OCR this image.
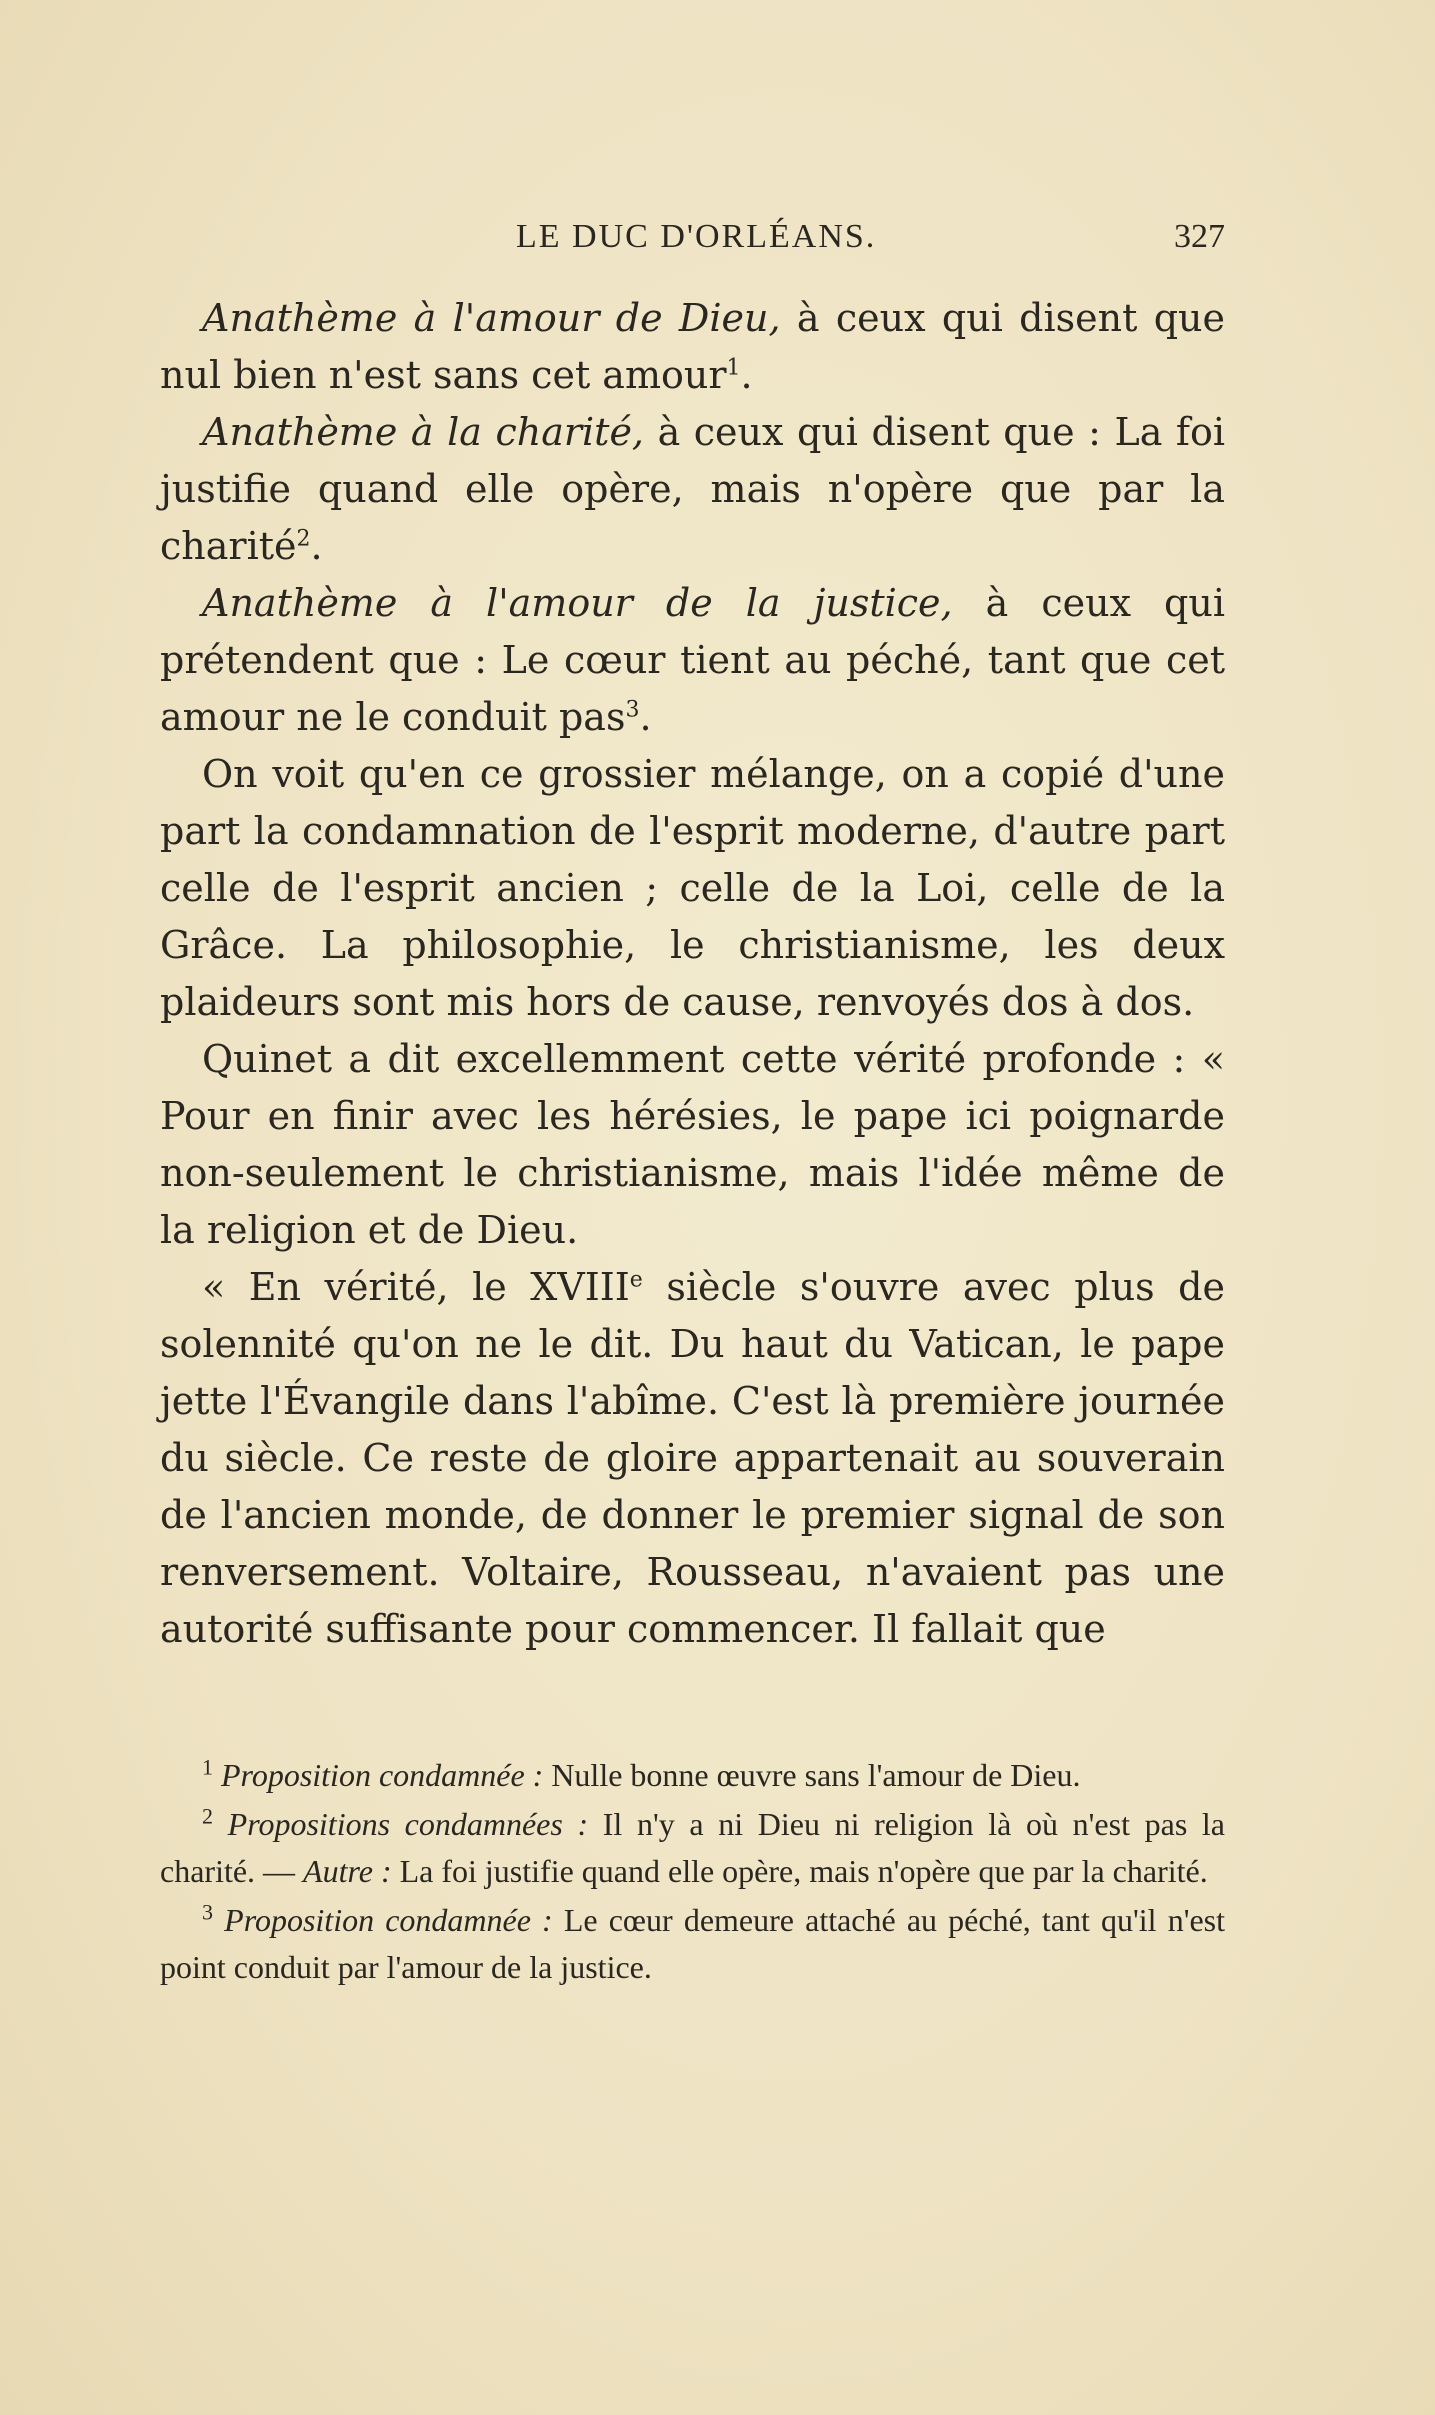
LE DUC D'ORLÉANS.	327

Anathème à l'amour de Dieu, à ceux qui disent que nul bien n'est sans cet amour$^1$.

Anathème à la charité, à ceux qui disent que : La foi justifie quand elle opère, mais n'opère que par la charité$^2$.

Anathème à l'amour de la justice, à ceux qui prétendent que : Le cœur tient au péché, tant que cet amour ne le conduit pas$^3$.

On voit qu'en ce grossier mélange, on a copié d'une part la condamnation de l'esprit moderne, d'autre part celle de l'esprit ancien ; celle de la Loi, celle de la Grâce. La philosophie, le christianisme, les deux plaideurs sont mis hors de cause, renvoyés dos à dos.

Quinet a dit excellemment cette vérité profonde : « Pour en finir avec les hérésies, le pape ici poignarde non-seulement le christianisme, mais l'idée même de la religion et de Dieu.

« En vérité, le XVIIIe siècle s'ouvre avec plus de solennité qu'on ne le dit. Du haut du Vatican, le pape jette l'Évangile dans l'abîme. C'est là première journée du siècle. Ce reste de gloire appartenait au souverain de l'ancien monde, de donner le premier signal de son renversement. Voltaire, Rousseau, n'avaient pas une autorité suffisante pour commencer. Il fallait que

$^1$ Proposition condamnée : Nulle bonne œuvre sans l'amour de Dieu.

$^2$ Propositions condamnées : Il n'y a ni Dieu ni religion là où n'est pas la charité. — Autre : La foi justifie quand elle opère, mais n'opère que par la charité.

$^3$ Proposition condamnée : Le cœur demeure attaché au péché, tant qu'il n'est point conduit par l'amour de la justice.
